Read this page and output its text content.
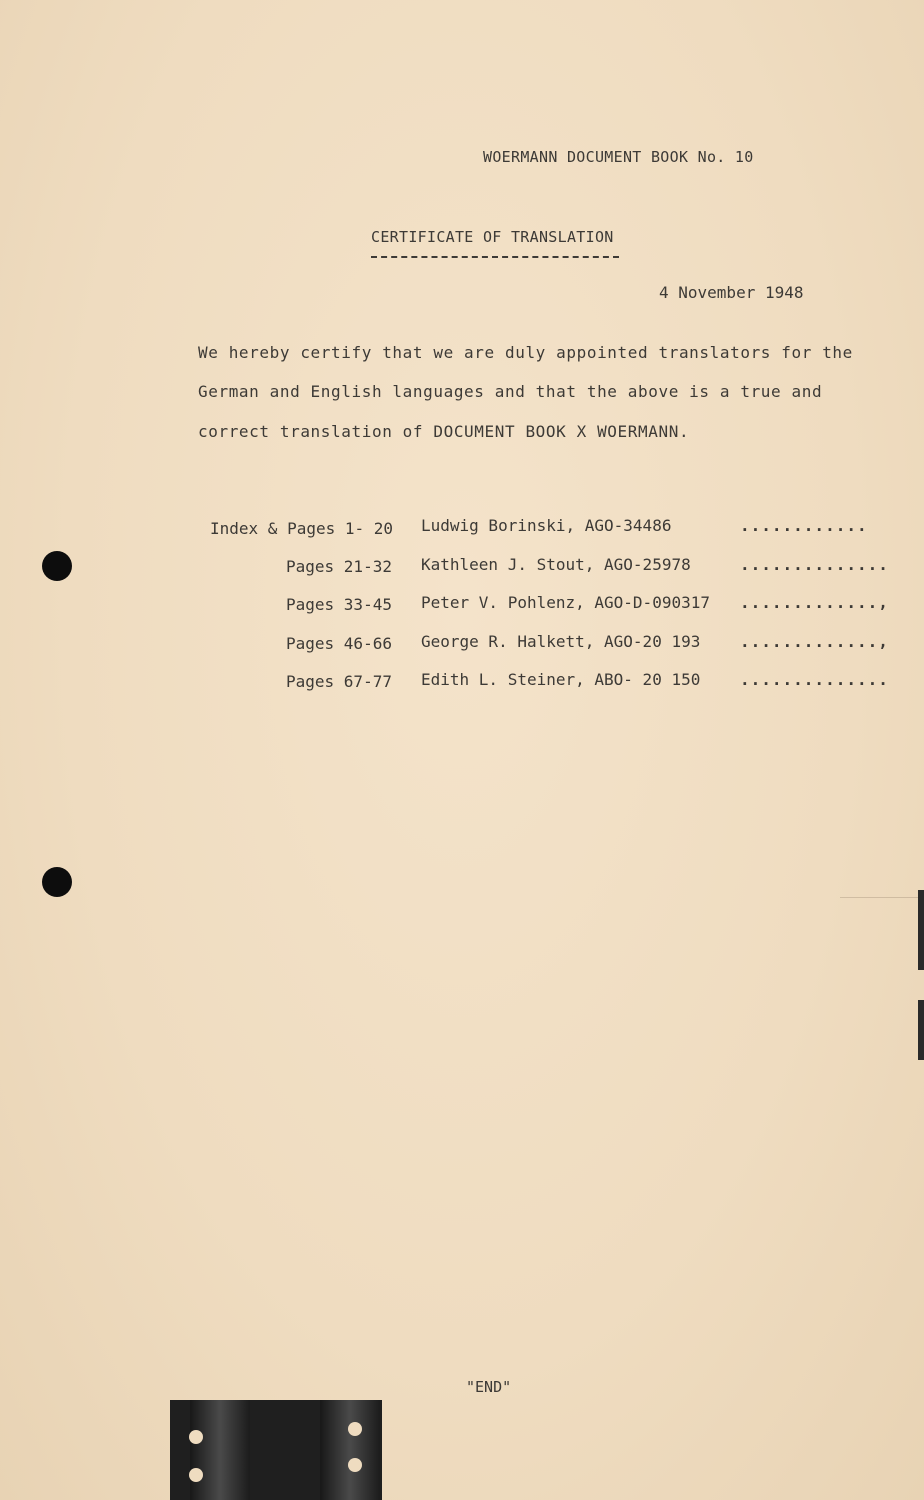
WOERMANN DOCUMENT BOOK No. 10
CERTIFICATE OF TRANSLATION
4 November 1948
We hereby certify that we are duly appointed translators for the
German and English languages and that the above is a true and
correct translation of DOCUMENT BOOK X WOERMANN.
Index & Pages 1- 20 Ludwig Borinski, AGO-34486	............
Pages 21-32 Kathleen J. Stout, AGO-25978	..............
Pages 33-45 Peter V. Pohlenz, AGO-D-090317 .............,
Pages 46-66 George R. Halkett, AGO-20 193 .............,
Pages 67-77 Edith L. Steiner, ABO- 20 150 ..............
"END"
